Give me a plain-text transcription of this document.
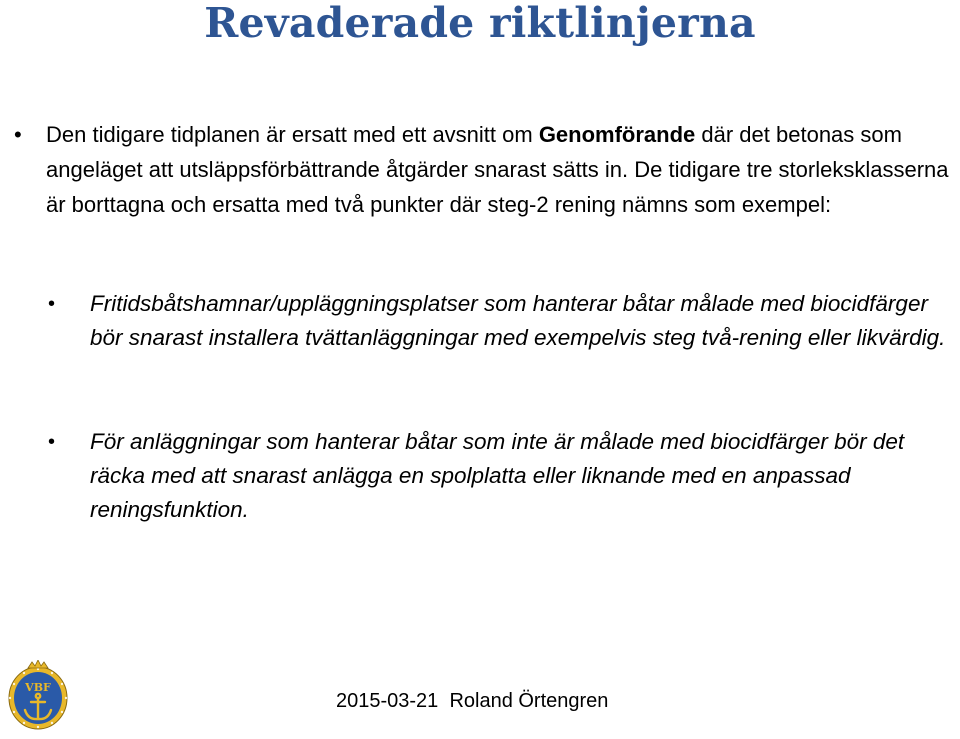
Revaderade riktlinjerna
• Den tidigare tidplanen är ersatt med ett avsnitt om Genomförande där det betonas som angeläget att utsläppsförbättrande åtgärder snarast sätts in. De tidigare tre storleksklasserna är borttagna och ersatta med två punkter där steg-2 rening nämns som exempel:
• Fritidsbåtshamnar/uppläggningsplatser som hanterar båtar målade med biocidfärger bör snarast installera tvättanläggningar med exempelvis steg två-rening eller likvärdig.
• För anläggningar som hanterar båtar som inte är målade med biocidfärger bör det räcka med att snarast anlägga en spolplatta eller liknande med en anpassad reningsfunktion.
VBF
2015-03-21 Roland Örtengren
